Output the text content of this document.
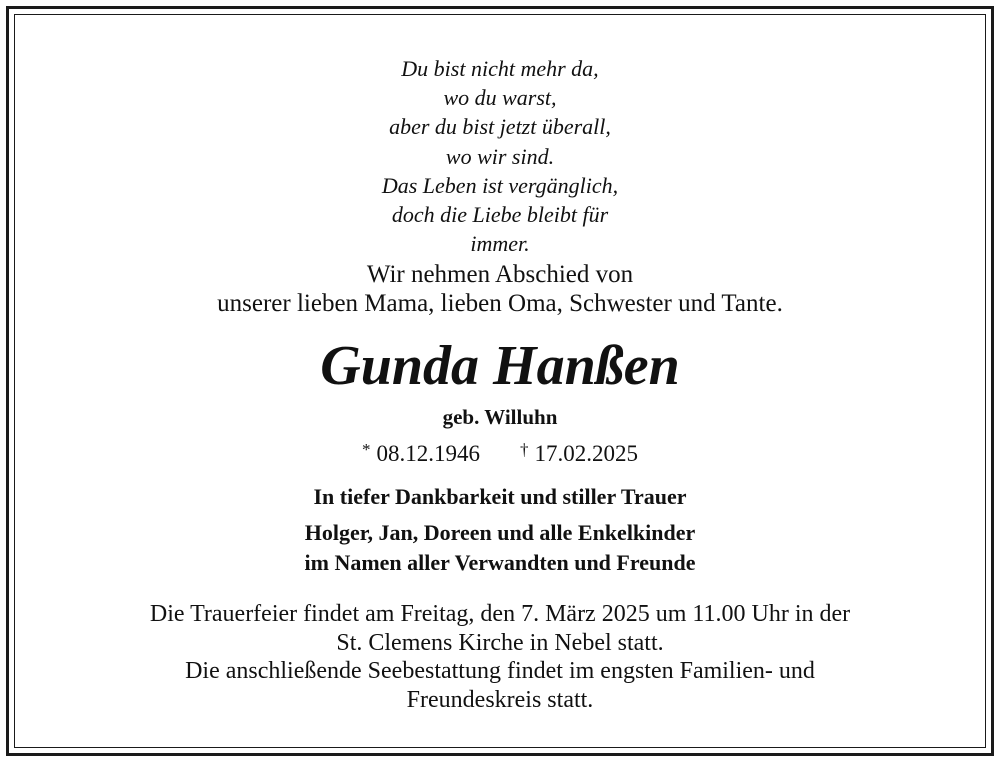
Du bist nicht mehr da,
wo du warst,
aber du bist jetzt überall,
wo wir sind.
Das Leben ist vergänglich,
doch die Liebe bleibt für
immer.
Wir nehmen Abschied von
unserer lieben Mama, lieben Oma, Schwester und Tante.
Gunda Hanßen
geb. Willuhn
* 08.12.1946 † 17.02.2025
In tiefer Dankbarkeit und stiller Trauer
Holger, Jan, Doreen und alle Enkelkinder
im Namen aller Verwandten und Freunde
Die Trauerfeier findet am Freitag, den 7. März 2025 um 11.00 Uhr in der
St. Clemens Kirche in Nebel statt.
Die anschließende Seebestattung findet im engsten Familien- und
Freundeskreis statt.
